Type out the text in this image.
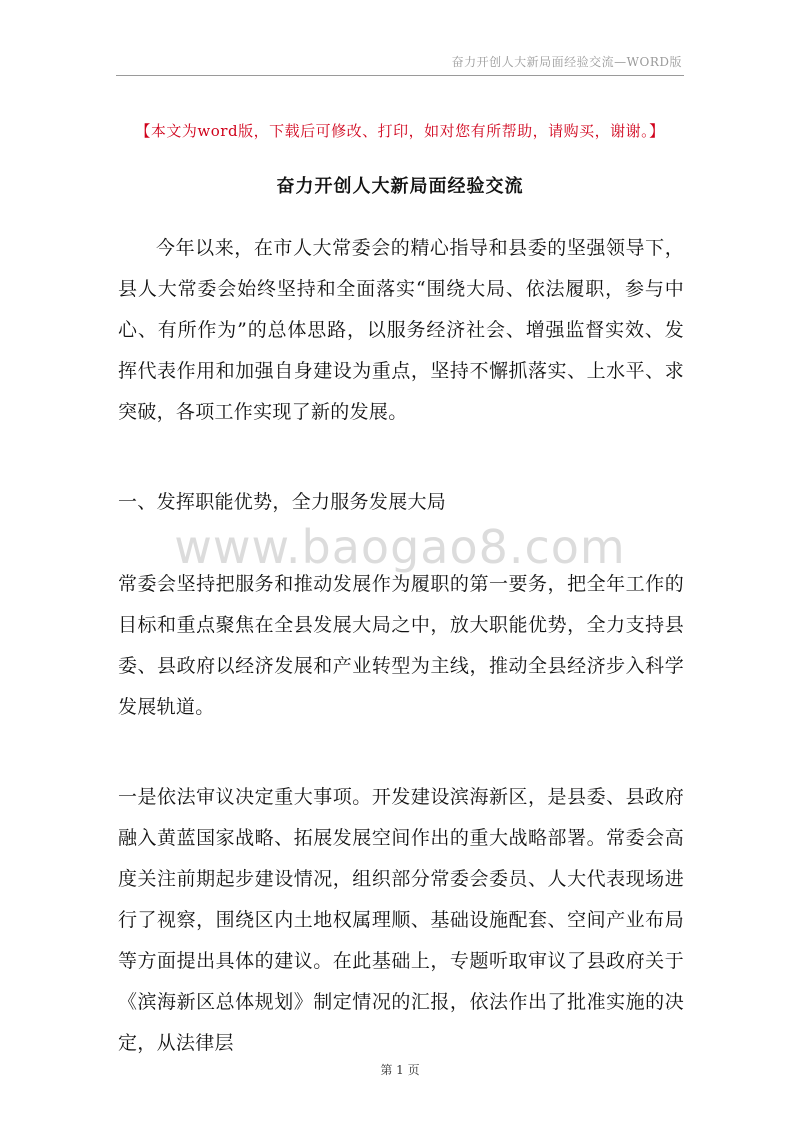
奋力开创人大新局面经验交流—WORD版
【本文为word版，下载后可修改、打印，如对您有所帮助，请购买，谢谢。】
奋力开创人大新局面经验交流

今年以来，在市人大常委会的精心指导和县委的坚强领导下，县人大常委会始终坚持和全面落实“围绕大局、依法履职，参与中心、有所作为”的总体思路，以服务经济社会、增强监督实效、发挥代表作用和加强自身建设为重点，坚持不懈抓落实、上水平、求突破，各项工作实现了新的发展。

一、发挥职能优势，全力服务发展大局

www.baogao8.com

常委会坚持把服务和推动发展作为履职的第一要务，把全年工作的目标和重点聚焦在全县发展大局之中，放大职能优势，全力支持县委、县政府以经济发展和产业转型为主线，推动全县经济步入科学发展轨道。

一是依法审议决定重大事项。开发建设滨海新区，是县委、县政府融入黄蓝国家战略、拓展发展空间作出的重大战略部署。常委会高度关注前期起步建设情况，组织部分常委会委员、人大代表现场进行了视察，围绕区内土地权属理顺、基础设施配套、空间产业布局等方面提出具体的建议。在此基础上，专题听取审议了县政府关于《滨海新区总体规划》制定情况的汇报，依法作出了批准实施的决定，从法律层

第 1 页
